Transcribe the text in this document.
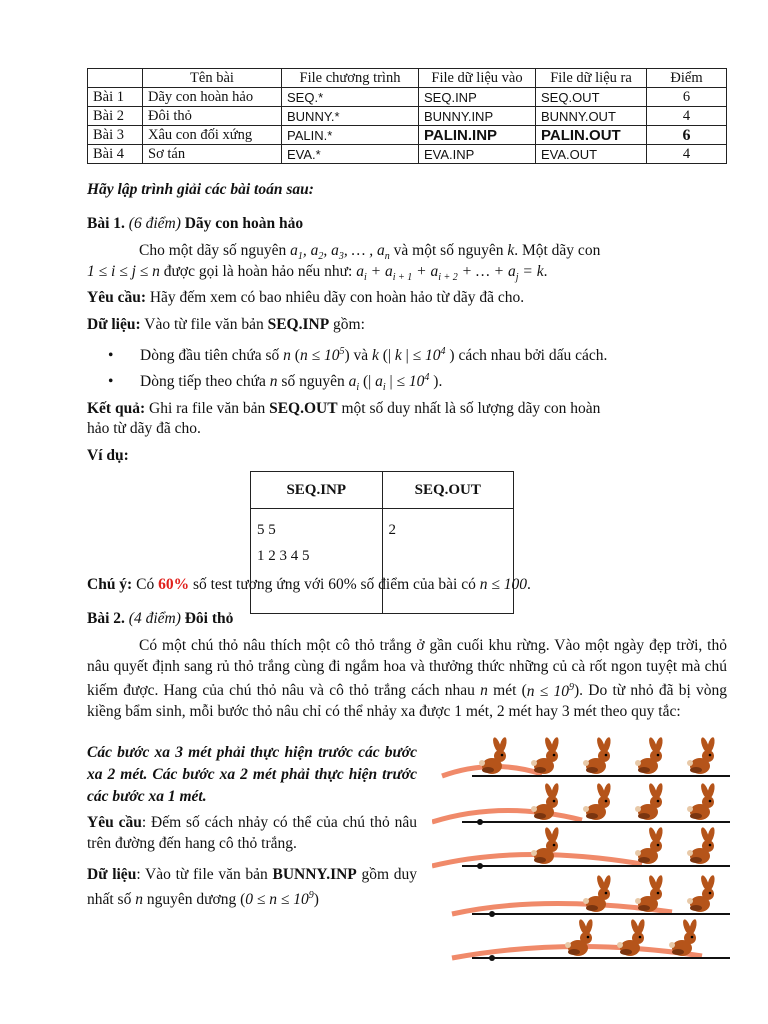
	Tên bài	File chương trình	File dữ liệu vào	File dữ liệu ra	Điểm
Bài 1	Dãy con hoàn hảo	SEQ.*	SEQ.INP	SEQ.OUT	6
Bài 2	Đôi thỏ	BUNNY.*	BUNNY.INP	BUNNY.OUT	4
Bài 3	Xâu con đối xứng	PALIN.*	PALIN.INP	PALIN.OUT	6
Bài 4	Sơ tán	EVA.*	EVA.INP	EVA.OUT	4
Hãy lập trình giải các bài toán sau:
Bài 1. (6 điểm) Dãy con hoàn hảo
Cho một dãy số nguyên $a_1$, $a_2$, $a_3$, … , $a_n$ và một số nguyên k. Một dãy con
1 ≤ i ≤ j ≤ n được gọi là hoàn hảo nếu như: $a_i + a_{i + 1} + a_{i + 2}$ + … + $a_j = k$.
Yêu cầu: Hãy đếm xem có bao nhiêu dãy con hoàn hảo từ dãy đã cho.
Dữ liệu: Vào từ file văn bản SEQ.INP gồm:
• Dòng đầu tiên chứa số n $(n \le 10^5)$ và k (| k | ≤ $10^4$ ) cách nhau bởi dấu cách.
• Dòng tiếp theo chứa n số nguyên $a_i$ (| $a_i$ | ≤ $10^4$ ).
Kết quả: Ghi ra file văn bản SEQ.OUT một số duy nhất là số lượng dãy con hoàn
hảo từ dãy đã cho.
Ví dụ:
SEQ.INP	SEQ.OUT

5 5
1 2 3 4 5	2
Chú ý: Có 60% số test tương ứng với 60% số điểm của bài có n ≤ 100.
Bài 2. (4 điểm) Đôi thỏ
Có một chú thỏ nâu thích một cô thỏ trắng ở gần cuối khu rừng. Vào một ngày đẹp trời, thỏ nâu quyết định sang rủ thỏ trắng cùng đi ngắm hoa và thưởng thức những củ cà rốt ngon tuyệt mà chú kiếm được. Hang của chú thỏ nâu và cô thỏ trắng cách nhau n mét $(n \le 10^9)$. Do từ nhỏ đã bị vòng kiềng bẩm sinh, mỗi bước thỏ nâu chỉ có thể nhảy xa được 1 mét, 2 mét hay 3 mét theo quy tắc:
Các bước xa 3 mét phải thực hiện trước các bước xa 2 mét. Các bước xa 2 mét phải thực hiện trước các bước xa 1 mét.
Yêu cầu: Đếm số cách nhảy có thể của chú thỏ nâu trên đường đến hang cô thỏ trắng.
Dữ liệu: Vào từ file văn bản BUNNY.INP gồm duy nhất số n nguyên dương $(0 \le n \le 10^9)$
